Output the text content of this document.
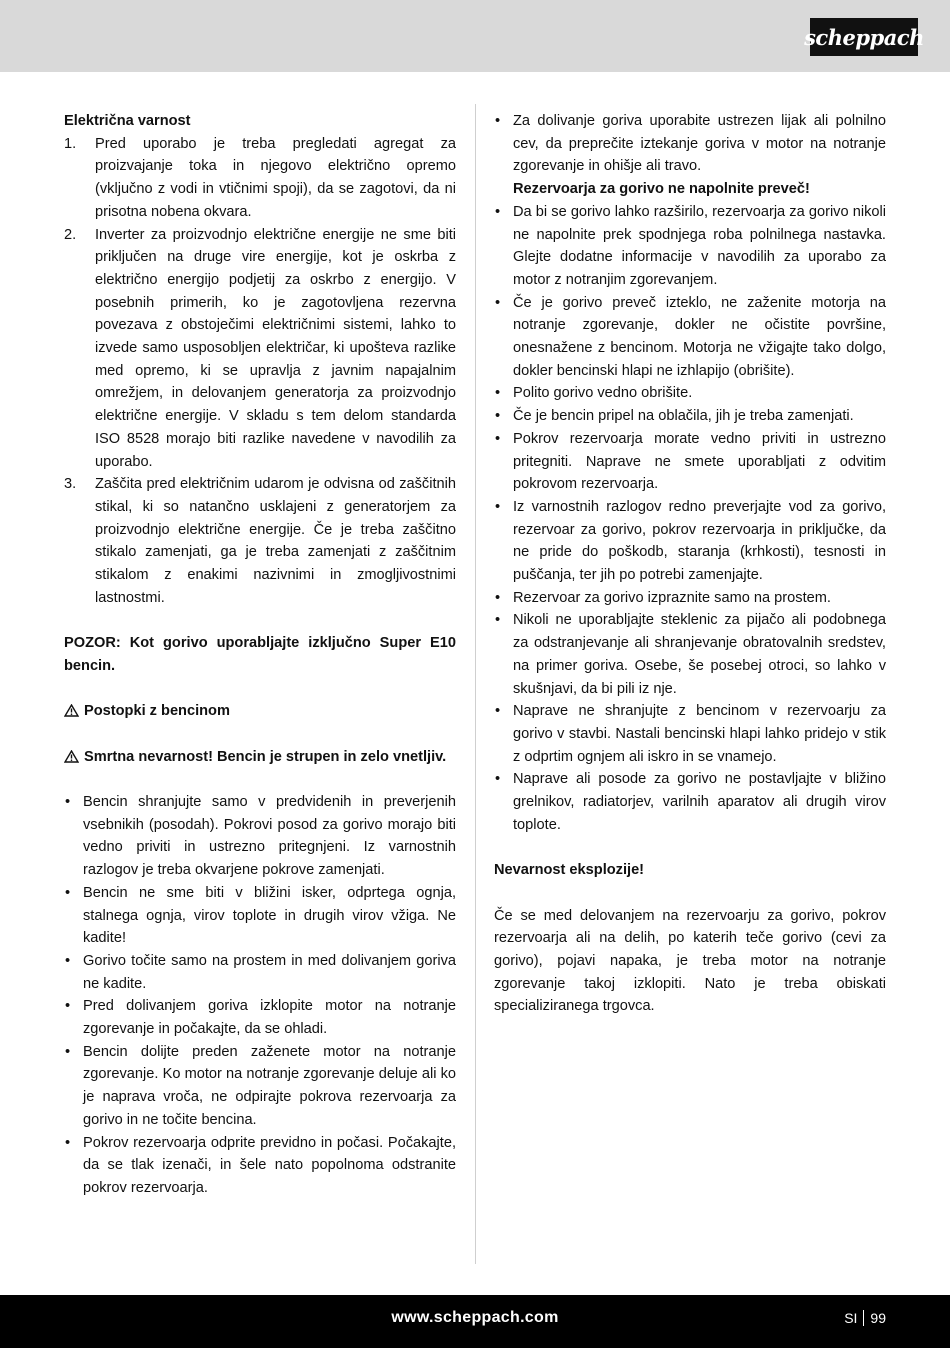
scheppach
Električna varnost
1.	Pred uporabo je treba pregledati agregat za proizvajanje toka in njegovo električno opremo (vključno z vodi in vtičnimi spoji), da se zagotovi, da ni prisotna nobena okvara.
2.	Inverter za proizvodnjo električne energije ne sme biti priključen na druge vire energije, kot je oskrba z električno energijo podjetij za oskrbo z energijo. V posebnih primerih, ko je zagotovljena rezervna povezava z obstoječimi električnimi sistemi, lahko to izvede samo usposobljen električar, ki upošteva razlike med opremo, ki se upravlja z javnim napajalnim omrežjem, in delovanjem generatorja za proizvodnjo električne energije. V skladu s tem delom standarda ISO 8528 morajo biti razlike navedene v navodilih za uporabo.
3.	Zaščita pred električnim udarom je odvisna od zaščitnih stikal, ki so natančno usklajeni z generatorjem za proizvodnjo električne energije. Če je treba zaščitno stikalo zamenjati, ga je treba zamenjati z zaščitnim stikalom z enakimi nazivnimi in zmogljivostnimi lastnostmi.
POZOR: Kot gorivo uporabljajte izključno Super E10 bencin.
Postopki z bencinom
Smrtna nevarnost! Bencin je strupen in zelo vnetljiv.
• Bencin shranjujte samo v predvidenih in preverjenih vsebnikih (posodah). Pokrovi posod za gorivo morajo biti vedno priviti in ustrezno pritegnjeni. Iz varnostnih razlogov je treba okvarjene pokrove zamenjati.
• Bencin ne sme biti v bližini isker, odprtega ognja, stalnega ognja, virov toplote in drugih virov vžiga. Ne kadite!
• Gorivo točite samo na prostem in med dolivanjem goriva ne kadite.
• Pred dolivanjem goriva izklopite motor na notranje zgorevanje in počakajte, da se ohladi.
• Bencin dolijte preden zaženete motor na notranje zgorevanje. Ko motor na notranje zgorevanje deluje ali ko je naprava vroča, ne odpirajte pokrova rezervoarja za gorivo in ne točite bencina.
• Pokrov rezervoarja odprite previdno in počasi. Počakajte, da se tlak izenači, in šele nato popolnoma odstranite pokrov rezervoarja.
• Za dolivanje goriva uporabite ustrezen lijak ali polnilno cev, da preprečite iztekanje goriva v motor na notranje zgorevanje in ohišje ali travo.
Rezervoarja za gorivo ne napolnite preveč!
• Da bi se gorivo lahko razširilo, rezervoarja za gorivo nikoli ne napolnite prek spodnjega roba polnilnega nastavka. Glejte dodatne informacije v navodilih za uporabo za motor z notranjim zgorevanjem.
• Če je gorivo preveč izteklo, ne zaženite motorja na notranje zgorevanje, dokler ne očistite površine, onesnažene z bencinom. Motorja ne vžigajte tako dolgo, dokler bencinski hlapi ne izhlapijo (obrišite).
• Polito gorivo vedno obrišite.
• Če je bencin pripel na oblačila, jih je treba zamenjati.
• Pokrov rezervoarja morate vedno priviti in ustrezno pritegniti. Naprave ne smete uporabljati z odvitim pokrovom rezervoarja.
• Iz varnostnih razlogov redno preverjajte vod za gorivo, rezervoar za gorivo, pokrov rezervoarja in priključke, da ne pride do poškodb, staranja (krhkosti), tesnosti in puščanja, ter jih po potrebi zamenjajte.
• Rezervoar za gorivo izpraznite samo na prostem.
• Nikoli ne uporabljajte steklenic za pijačo ali podobnega za odstranjevanje ali shranjevanje obratovalnih sredstev, na primer goriva. Osebe, še posebej otroci, so lahko v skušnjavi, da bi pili iz nje.
• Naprave ne shranjujte z bencinom v rezervoarju za gorivo v stavbi. Nastali bencinski hlapi lahko pridejo v stik z odprtim ognjem ali iskro in se vnamejo.
• Naprave ali posode za gorivo ne postavljajte v bližino grelnikov, radiatorjev, varilnih aparatov ali drugih virov toplote.
Nevarnost eksplozije!
Če se med delovanjem na rezervoarju za gorivo, pokrov rezervoarja ali na delih, po katerih teče gorivo (cevi za gorivo), pojavi napaka, je treba motor na notranje zgorevanje takoj izklopiti. Nato je treba obiskati specializiranega trgovca.
www.scheppach.com	SI 99
